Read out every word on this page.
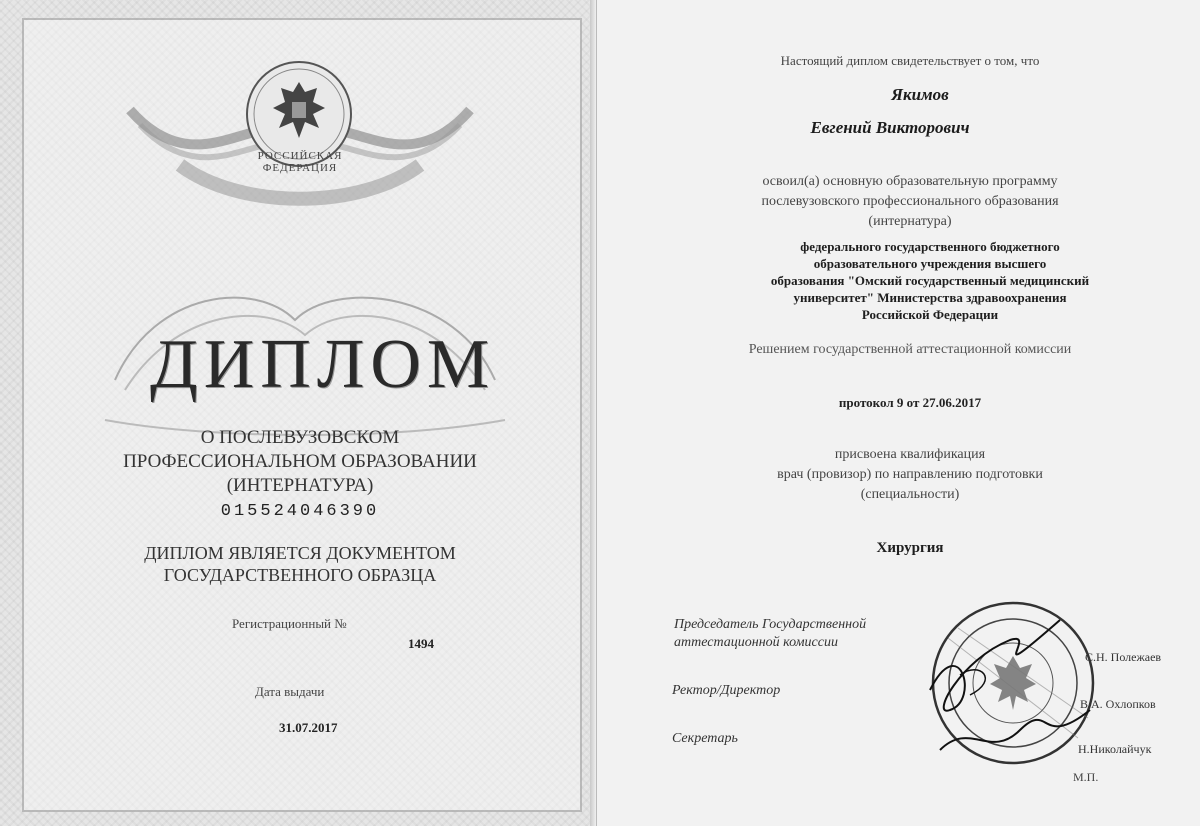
РОССИЙСКАЯ ФЕДЕРАЦИЯ
ДИПЛОМ
О ПОСЛЕВУЗОВСКОМ
ПРОФЕССИОНАЛЬНОМ ОБРАЗОВАНИИ
(ИНТЕРНАТУРА)
015524046390
ДИПЛОМ ЯВЛЯЕТСЯ ДОКУМЕНТОМ
ГОСУДАРСТВЕННОГО ОБРАЗЦА
Регистрационный №
1494
Дата выдачи
31.07.2017
Настоящий диплом свидетельствует о том, что
Якимов
Евгений Викторович
освоил(а) основную образовательную программу
послевузовского профессионального образования
(интернатура)
федерального государственного бюджетного
образовательного учреждения высшего
образования "Омский государственный медицинский
университет" Министерства здравоохранения
Российской Федерации
Решением государственной аттестационной комиссии
протокол 9 от 27.06.2017
присвоена квалификация
врач (провизор) по направлению подготовки
(специальности)
Хирургия
Председатель Государственной
аттестационной комиссии
Ректор/Директор
Секретарь
С.Н. Полежаев
В.А. Охлопков
Н.Николайчук
М.П.
